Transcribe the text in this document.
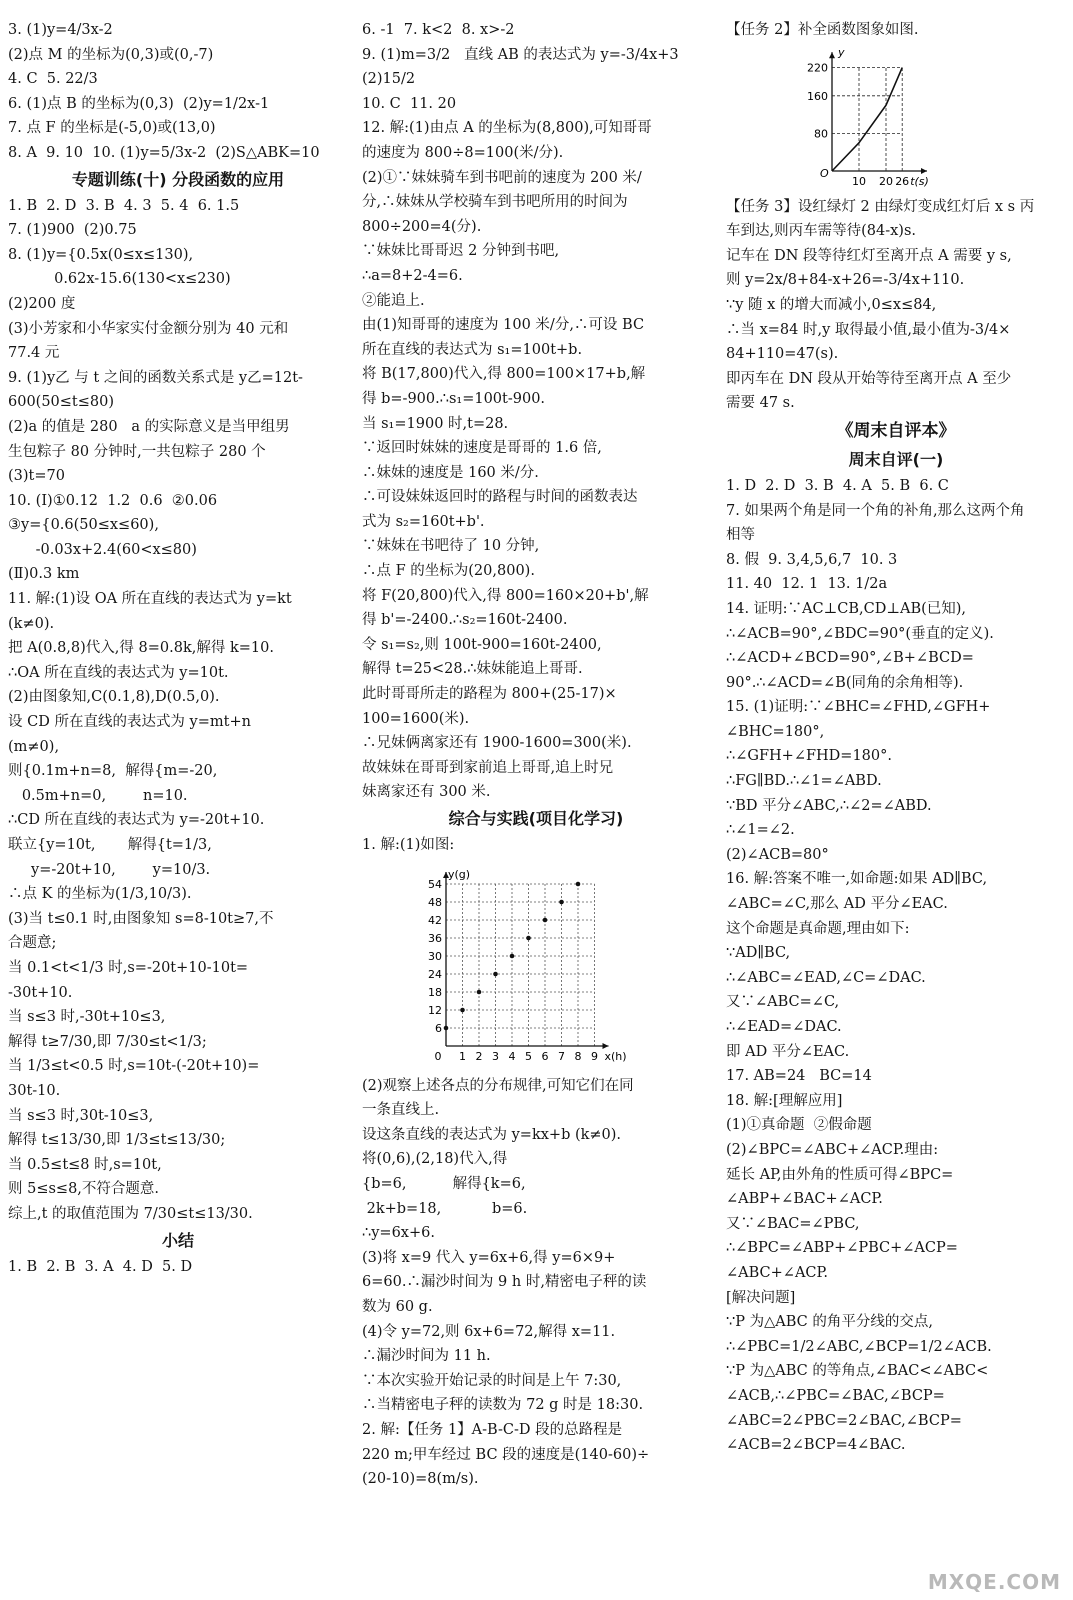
3. (1)y=4/3x-2
(2)点 M 的坐标为(0,3)或(0,-7)
4. C  5. 22/3
6. (1)点 B 的坐标为(0,3)  (2)y=1/2x-1
7. 点 F 的坐标是(-5,0)或(13,0)
8. A  9. 10  10. (1)y=5/3x-2  (2)S△ABK=10
专题训练(十) 分段函数的应用
1. B  2. D  3. B  4. 3  5. 4  6. 1.5
7. (1)900  (2)0.75
8. (1)y={0.5x(0≤x≤130),
0.62x-15.6(130<x≤230)
(2)200 度
(3)小芳家和小华家实付金额分别为 40 元和
77.4 元
9. (1)y乙 与 t 之间的函数关系式是 y乙=12t-
600(50≤t≤80)
(2)a 的值是 280   a 的实际意义是当甲组男
生包粽子 80 分钟时,一共包粽子 280 个
(3)t=70
10. (Ⅰ)①0.12  1.2  0.6  ②0.06
③y={0.6(50≤x≤60),
-0.03x+2.4(60<x≤80)
(Ⅱ)0.3 km
11. 解:(1)设 OA 所在直线的表达式为 y=kt
(k≠0).
把 A(0.8,8)代入,得 8=0.8k,解得 k=10.
∴OA 所在直线的表达式为 y=10t.
(2)由图象知,C(0.1,8),D(0.5,0).
设 CD 所在直线的表达式为 y=mt+n
(m≠0),
则{0.1m+n=8,  解得{m=-20,
0.5m+n=0,        n=10.
∴CD 所在直线的表达式为 y=-20t+10.
联立{y=10t,       解得{t=1/3,
y=-20t+10,        y=10/3.
∴点 K 的坐标为(1/3,10/3).
(3)当 t≤0.1 时,由图象知 s=8-10t≥7,不
合题意;
当 0.1<t<1/3 时,s=-20t+10-10t=
-30t+10.
当 s≤3 时,-30t+10≤3,
解得 t≥7/30,即 7/30≤t<1/3;
当 1/3≤t<0.5 时,s=10t-(-20t+10)=
30t-10.
当 s≤3 时,30t-10≤3,
解得 t≤13/30,即 1/3≤t≤13/30;
当 0.5≤t≤8 时,s=10t,
则 5≤s≤8,不符合题意.
综上,t 的取值范围为 7/30≤t≤13/30.
小结
1. B  2. B  3. A  4. D  5. D
6. -1  7. k<2  8. x>-2
9. (1)m=3/2   直线 AB 的表达式为 y=-3/4x+3
(2)15/2
10. C  11. 20
12. 解:(1)由点 A 的坐标为(8,800),可知哥哥
的速度为 800÷8=100(米/分).
(2)①∵妹妹骑车到书吧前的速度为 200 米/
分,∴妹妹从学校骑车到书吧所用的时间为
800÷200=4(分).
∵妹妹比哥哥迟 2 分钟到书吧,
∴a=8+2-4=6.
②能追上.
由(1)知哥哥的速度为 100 米/分,∴可设 BC
所在直线的表达式为 s₁=100t+b.
将 B(17,800)代入,得 800=100×17+b,解
得 b=-900.∴s₁=100t-900.
当 s₁=1900 时,t=28.
∵返回时妹妹的速度是哥哥的 1.6 倍,
∴妹妹的速度是 160 米/分.
∴可设妹妹返回时的路程与时间的函数表达
式为 s₂=160t+b'.
∵妹妹在书吧待了 10 分钟,
∴点 F 的坐标为(20,800).
将 F(20,800)代入,得 800=160×20+b',解
得 b'=-2400.∴s₂=160t-2400.
令 s₁=s₂,则 100t-900=160t-2400,
解得 t=25<28.∴妹妹能追上哥哥.
此时哥哥所走的路程为 800+(25-17)×
100=1600(米).
∴兄妹俩离家还有 1900-1600=300(米).
故妹妹在哥哥到家前追上哥哥,追上时兄
妹离家还有 300 米.
综合与实践(项目化学习)
1. 解:(1)如图:
0 1 2 3 4 5 6 7 8 9
6
12
18
24
30
36
42
48
54
x(h)
y(g)
(2)观察上述各点的分布规律,可知它们在同
一条直线上.
设这条直线的表达式为 y=kx+b (k≠0).
将(0,6),(2,18)代入,得
{b=6,          解得{k=6,
2k+b=18,           b=6.
∴y=6x+6.
(3)将 x=9 代入 y=6x+6,得 y=6×9+
6=60.∴漏沙时间为 9 h 时,精密电子秤的读
数为 60 g.
(4)令 y=72,则 6x+6=72,解得 x=11.
∴漏沙时间为 11 h.
∵本次实验开始记录的时间是上午 7:30,
∴当精密电子秤的读数为 72 g 时是 18:30.
2. 解:【任务 1】A-B-C-D 段的总路程是
220 m;甲车经过 BC 段的速度是(140-60)÷
(20-10)=8(m/s).
【任务 2】补全函数图象如图.
80
160
220
10 20 26
O
t(s)
y
【任务 3】设红绿灯 2 由绿灯变成红灯后 x s 丙
车到达,则丙车需等待(84-x)s.
记车在 DN 段等待红灯至离开点 A 需要 y s,
则 y=2x/8+84-x+26=-3/4x+110.
∵y 随 x 的增大而减小,0≤x≤84,
∴当 x=84 时,y 取得最小值,最小值为-3/4×
84+110=47(s).
即丙车在 DN 段从开始等待至离开点 A 至少
需要 47 s.
《周末自评本》
周末自评(一)
1. D  2. D  3. B  4. A  5. B  6. C
7. 如果两个角是同一个角的补角,那么这两个角
相等
8. 假  9. 3,4,5,6,7  10. 3
11. 40  12. 1  13. 1/2a
14. 证明:∵AC⊥CB,CD⊥AB(已知),
∴∠ACB=90°,∠BDC=90°(垂直的定义).
∴∠ACD+∠BCD=90°,∠B+∠BCD=
90°.∴∠ACD=∠B(同角的余角相等).
15. (1)证明:∵∠BHC=∠FHD,∠GFH+
∠BHC=180°,
∴∠GFH+∠FHD=180°.
∴FG∥BD.∴∠1=∠ABD.
∵BD 平分∠ABC,∴∠2=∠ABD.
∴∠1=∠2.
(2)∠ACB=80°
16. 解:答案不唯一,如命题:如果 AD∥BC,
∠ABC=∠C,那么 AD 平分∠EAC.
这个命题是真命题,理由如下:
∵AD∥BC,
∴∠ABC=∠EAD,∠C=∠DAC.
又∵∠ABC=∠C,
∴∠EAD=∠DAC.
即 AD 平分∠EAC.
17. AB=24   BC=14
18. 解:[理解应用]
(1)①真命题  ②假命题
(2)∠BPC=∠ABC+∠ACP.理由:
延长 AP,由外角的性质可得∠BPC=
∠ABP+∠BAC+∠ACP.
又∵∠BAC=∠PBC,
∴∠BPC=∠ABP+∠PBC+∠ACP=
∠ABC+∠ACP.
[解决问题]
∵P 为△ABC 的角平分线的交点,
∴∠PBC=1/2∠ABC,∠BCP=1/2∠ACB.
∵P 为△ABC 的等角点,∠BAC<∠ABC<
∠ACB,∴∠PBC=∠BAC,∠BCP=
∠ABC=2∠PBC=2∠BAC,∠BCP=
∠ACB=2∠BCP=4∠BAC.
MXQE.COM
